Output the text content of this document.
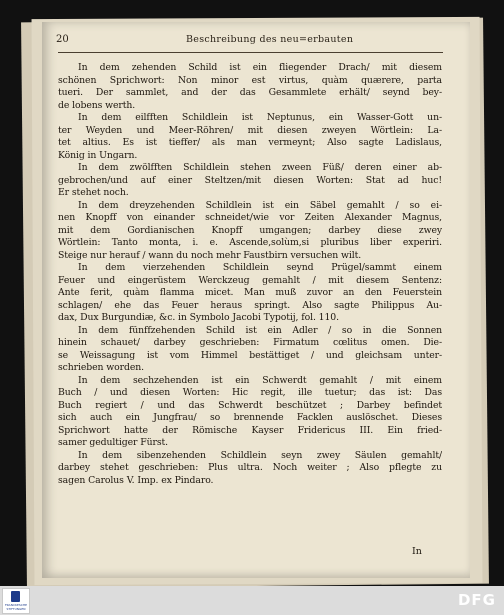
20	Beschreibung des neu=erbauten
In dem zehenden Schild ist ein fliegender Drach/ mit diesem
schönen Sprichwort: Non minor est virtus, quàm quærere, parta
tueri. Der sammlet, and der das Gesammlete erhält/ seynd bey-
de lobens werth.
In dem eilfften Schildlein ist Neptunus, ein Wasser-Gott un-
ter Weyden und Meer-Röhren/ mit diesen zweyen Wörtlein: La-
tet altius. Es ist tieffer/ als man vermeynt; Also sagte Ladislaus,
König in Ungarn.
In dem zwölfften Schildlein stehen zween Füß/ deren einer ab-
gebrochen/und auf einer Steltzen/mit diesen Worten: Stat ad huc!
Er stehet noch.
In dem dreyzehenden Schildlein ist ein Säbel gemahlt / so ei-
nen Knopff von einander schneidet/wie vor Zeiten Alexander Magnus,
mit dem Gordianischen Knopff umgangen; darbey diese zwey
Wörtlein: Tanto monta, i. e. Ascende,solùm,si pluribus liber experiri.
Steige nur herauf / wann du noch mehr Faustbirn versuchen wilt.
In dem vierzehenden Schildlein seynd Prügel/sammt einem
Feuer und eingerüstem Werckzeug gemahlt / mit diesem Sentenz:
Ante ferit, quàm flamma micet. Man muß zuvor an den Feuerstein
schlagen/ ehe das Feuer heraus springt. Also sagte Philippus Au-
dax, Dux Burgundiæ, &c. in Symbolo Jacobi Typotij, fol. 110.
In dem fünffzehenden Schild ist ein Adler / so in die Sonnen
hinein schauet/ darbey geschrieben: Firmatum cœlitus omen. Die-
se Weissagung ist vom Himmel bestättiget / und gleichsam unter-
schrieben worden.
In dem sechzehenden ist ein Schwerdt gemahlt / mit einem
Buch / und diesen Worten: Hic regit, ille tuetur; das ist: Das
Buch regiert / und das Schwerdt beschützet ; Darbey befindet
sich auch ein Jungfrau/ so brennende Facklen auslöschet. Dieses
Sprichwort hatte der Römische Kayser Fridericus III. Ein fried-
samer gedultiger Fürst.
In dem sibenzehenden Schildlein seyn zwey Säulen gemahlt/
darbey stehet geschrieben: Plus ultra. Noch weiter ; Also pflegte zu
sagen Carolus V. Imp. ex Pindaro.
In
FRANCKESCHE STIFTUNGEN	DFG
